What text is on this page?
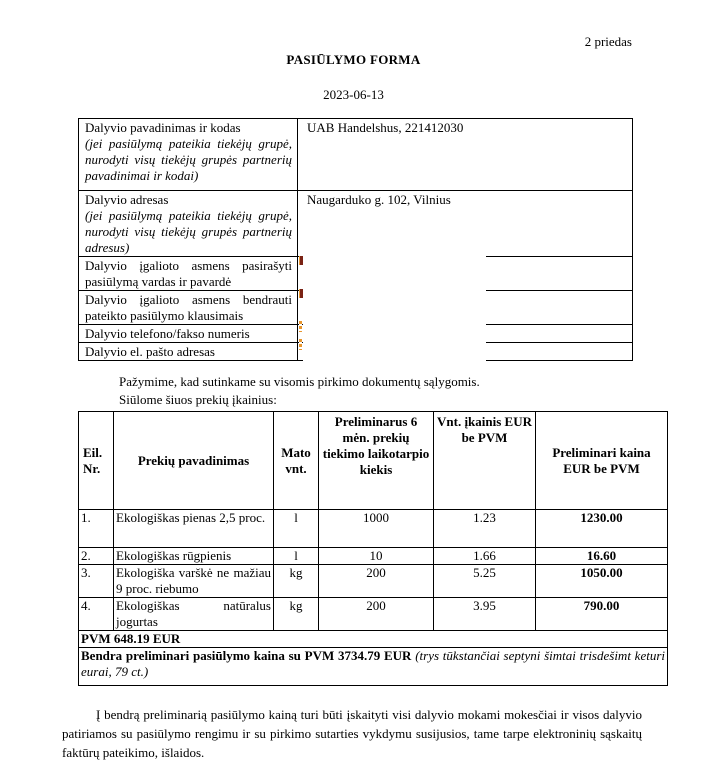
2 priedas
PASIŪLYMO FORMA
2023-06-13
Dalyvio pavadinimas ir kodas
(jei pasiūlymą pateikia tiekėjų grupė, nurodyti visų tiekėjų grupės partnerių pavadinimai ir kodai)	UAB Handelshus, 221412030

Dalyvio adresas
(jei pasiūlymą pateikia tiekėjų grupė, nurodyti visų tiekėjų grupės partnerių adresus)	Naugarduko g. 102, Vilnius

Dalyvio įgalioto asmens pasirašyti pasiūlymą vardas ir pavardė	

Dalyvio įgalioto asmens bendrauti pateikto pasiūlymo klausimais	

Dalyvio telefono/fakso numeris	

Dalyvio el. pašto adresas	

Pažymime, kad sutinkame su visomis pirkimo dokumentų sąlygomis.
Siūlome šiuos prekių įkainius:
Eil. Nr.	Prekių pavadinimas	Mato vnt.	Preliminarus 6 mėn. prekių tiekimo laikotarpio kiekis	Vnt. įkainis EUR be PVM	Preliminari kaina EUR be PVM
1.	Ekologiškas pienas 2,5 proc.	l	1000	1.23	1230.00
2.	Ekologiškas rūgpienis	l	10	1.66	16.60
3.	Ekologiška varškė ne mažiau 9 proc. riebumo	kg	200	5.25	1050.00
4.	Ekologiškas natūralus jogurtas	kg	200	3.95	790.00
PVM 648.19 EUR					
Bendra preliminari pasiūlymo kaina su PVM 3734.79 EUR (trys tūkstančiai septyni šimtai trisdešimt keturi eurai, 79 ct.)					
Į bendrą preliminarią pasiūlymo kainą turi būti įskaityti visi dalyvio mokami mokesčiai ir visos dalyvio patiriamos su pasiūlymo rengimu ir su pirkimo sutarties vykdymu susijusios, tame tarpe elektroninių sąskaitų faktūrų pateikimo, išlaidos.
